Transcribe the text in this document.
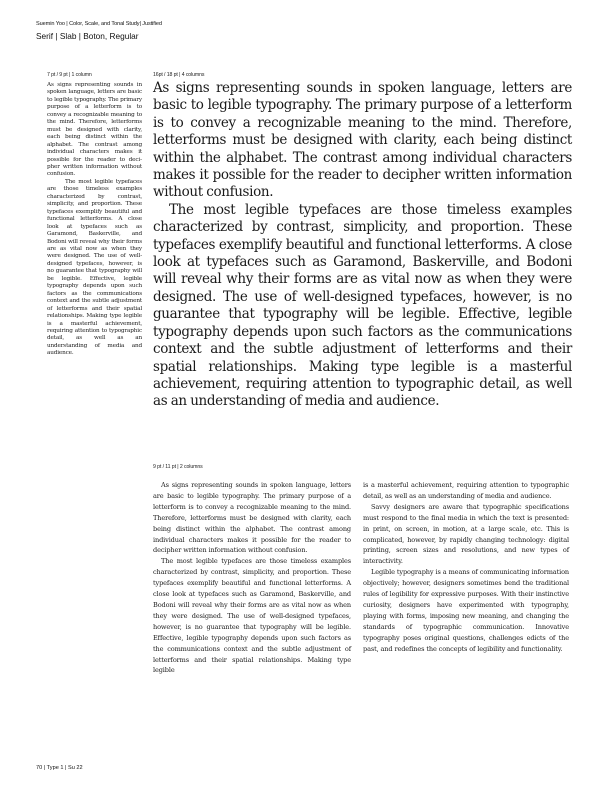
Suemin Yoo | Color, Scale, and Tonal Study| Justified
Serif | Slab | Boton, Regular
7 pt / 9 pt | 1 column

As signs representing sounds in spoken language, letters are basic to legible typography. The primary purpose of a letterform is to convey a recognizable meaning to the mind. Therefore, letterforms must be designed with clarity, each being distinct within the alphabet. The contrast among individual characters makes it possible for the reader to decipher written information without confusion.

The most legible typefaces are those timeless examples characterized by contrast, simplicity, and proportion. These typefaces exemplify beautiful and functional letterforms. A close look at typefaces such as Garamond, Baskerville, and Bodoni will reveal why their forms are as vital now as when they were designed. The use of well-designed typefaces, however, is no guarantee that typography will be legible. Effective, legible typography depends upon such factors as the communications context and the subtle adjustment of letterforms and their spatial relationships. Making type legible is a masterful achievement, requiring attention to typographic detail, as well as an understanding of media and audience.

16pt / 18 pt | 4 columns

As signs representing sounds in spoken language, letters are basic to legible typography. The primary purpose of a letterform is to convey a recognizable meaning to the mind. Therefore, letterforms must be designed with clarity, each being distinct within the alphabet. The contrast among individual characters makes it possible for the reader to decipher written information without confusion.

The most legible typefaces are those timeless examples characterized by contrast, simplicity, and proportion. These typefaces exemplify beautiful and functional letterforms. A close look at typefaces such as Garamond, Baskerville, and Bodoni will reveal why their forms are as vital now as when they were designed. The use of well-designed typefaces, however, is no guarantee that typography will be legible. Effective, legible typography depends upon such factors as the communications context and the subtle adjustment of letterforms and their spatial relationships. Making type legible is a masterful achievement, requiring attention to typographic detail, as well as an understanding of media and audience.

9 pt / 11 pt | 2 columns

As signs representing sounds in spoken language, letters are basic to legible typography. The primary purpose of a letterform is to convey a recognizable meaning to the mind. Therefore, letterforms must be designed with clarity, each being distinct within the alphabet. The contrast among individual characters makes it possible for the reader to decipher written information without confusion.

The most legible typefaces are those timeless examples characterized by contrast, simplicity, and proportion. These typefaces exemplify beautiful and functional letterforms. A close look at typefaces such as Garamond, Baskerville, and Bodoni will reveal why their forms are as vital now as when they were designed. The use of well-designed typefaces, however, is no guarantee that typography will be legible. Effective, legible typography depends upon such factors as the communications context and the subtle adjustment of letterforms and their spatial relationships. Making type legible

is a masterful achievement, requiring attention to typographic detail, as well as an understanding of media and audience.

Savvy designers are aware that typographic specifications must respond to the final media in which the text is presented: in print, on screen, in motion, at a large scale, etc. This is complicated, however, by rapidly changing technology: digital printing, screen sizes and resolutions, and new types of interactivity.

Legible typography is a means of communicating information objectively; however, designers sometimes bend the traditional rules of legibility for expressive purposes. With their instinctive curiosity, designers have experimented with typography, playing with forms, imposing new meaning, and changing the standards of typographic communication. Innovative typography poses original questions, challenges edicts of the past, and redefines the concepts of legibility and functionality.

70 | Type 1 | Su 22
